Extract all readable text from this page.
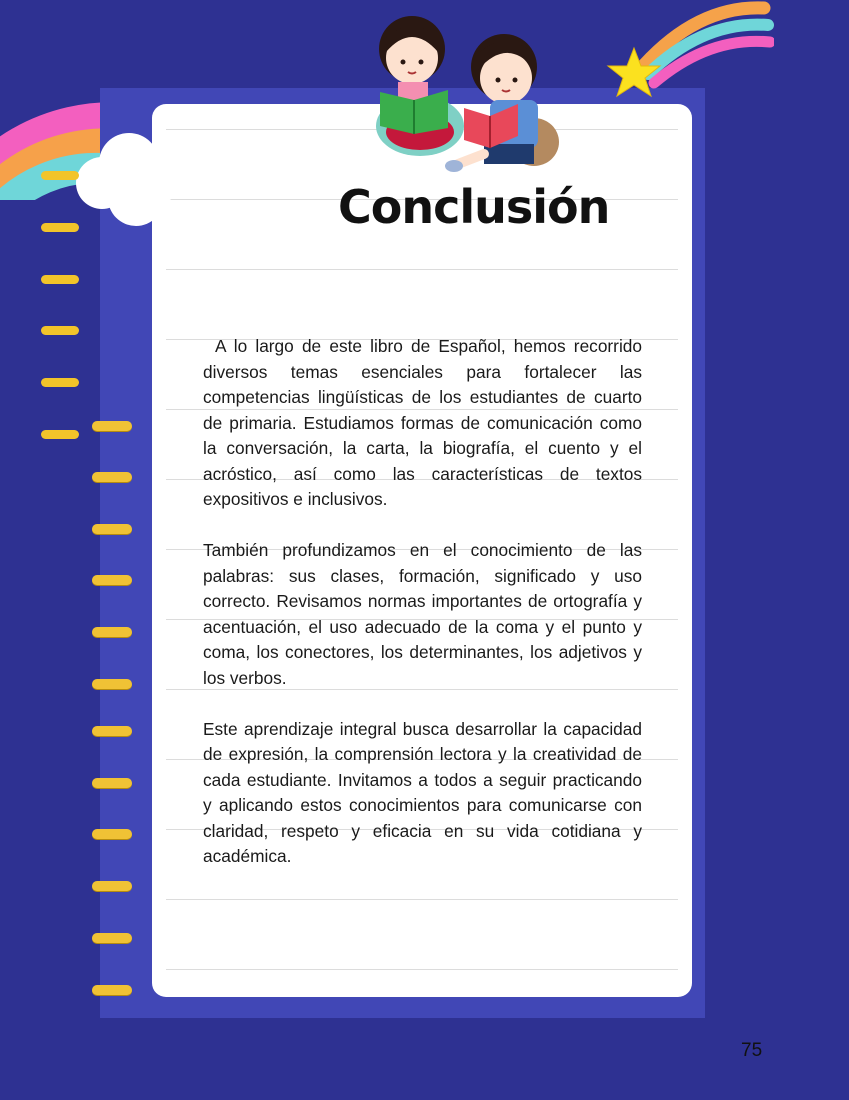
Conclusión

A lo largo de este libro de Español, hemos recorrido diversos temas esenciales para fortalecer las competencias lingüísticas de los estudiantes de cuarto de primaria. Estudiamos formas de comunicación como la conversación, la carta, la biografía, el cuento y el acróstico, así como las características de textos expositivos e inclusivos.

También profundizamos en el conocimiento de las palabras: sus clases, formación, significado y uso correcto. Revisamos normas importantes de ortografía y acentuación, el uso adecuado de la coma y el punto y coma, los conectores, los determinantes, los adjetivos y los verbos.

Este aprendizaje integral busca desarrollar la capacidad de expresión, la comprensión lectora y la creatividad de cada estudiante. Invitamos a todos a seguir practicando y aplicando estos conocimientos para comunicarse con claridad, respeto y eficacia en su vida cotidiana y académica.

75
